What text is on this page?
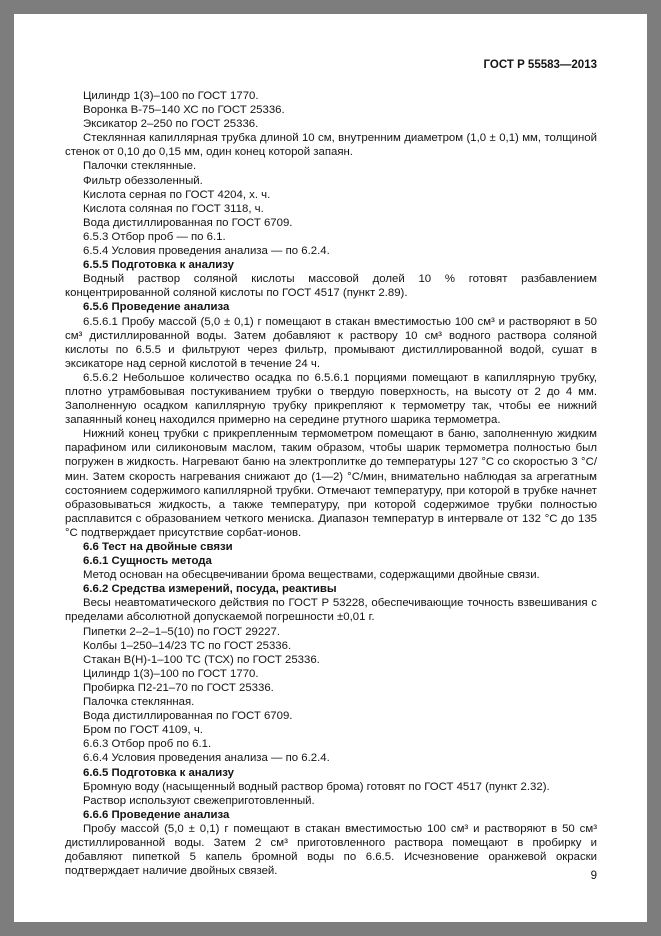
ГОСТ Р 55583—2013

Цилиндр 1(3)–100 по ГОСТ 1770.

Воронка В-75–140 ХС по ГОСТ 25336.

Эксикатор 2–250 по ГОСТ 25336.

Стеклянная капиллярная трубка длиной 10 см, внутренним диаметром (1,0 ± 0,1) мм, толщиной стенок от 0,10 до 0,15 мм, один конец которой запаян.

Палочки стеклянные.

Фильтр обеззоленный.

Кислота серная по ГОСТ 4204, х. ч.

Кислота соляная по ГОСТ 3118, ч.

Вода дистиллированная по ГОСТ 6709.

6.5.3 Отбор проб — по 6.1.

6.5.4 Условия проведения анализа — по 6.2.4.

6.5.5 Подготовка к анализу

Водный раствор соляной кислоты массовой долей 10 % готовят разбавлением концентрированной соляной кислоты по ГОСТ 4517 (пункт 2.89).

6.5.6 Проведение анализа

6.5.6.1 Пробу массой (5,0 ± 0,1) г помещают в стакан вместимостью 100 см³ и растворяют в 50 см³ дистиллированной воды. Затем добавляют к раствору 10 см³ водного раствора соляной кислоты по 6.5.5 и фильтруют через фильтр, промывают дистиллированной водой, сушат в эксикаторе над серной кислотой в течение 24 ч.

6.5.6.2 Небольшое количество осадка по 6.5.6.1 порциями помещают в капиллярную трубку, плотно утрамбовывая постукиванием трубки о твердую поверхность, на высоту от 2 до 4 мм. Заполненную осадком капиллярную трубку прикрепляют к термометру так, чтобы ее нижний запаянный конец находился примерно на середине ртутного шарика термометра.

Нижний конец трубки с прикрепленным термометром помещают в баню, заполненную жидким парафином или силиконовым маслом, таким образом, чтобы шарик термометра полностью был погружен в жидкость. Нагревают баню на электроплитке до температуры 127 °С со скоростью 3 °С/мин. Затем скорость нагревания снижают до (1—2) °С/мин, внимательно наблюдая за агрегатным состоянием содержимого капиллярной трубки. Отмечают температуру, при которой в трубке начнет образовываться жидкость, а также температуру, при которой содержимое трубки полностью расплавится с образованием четкого мениска. Диапазон температур в интервале от 132 °С до 135 °С подтверждает присутствие сорбат-ионов.

6.6 Тест на двойные связи

6.6.1 Сущность метода

Метод основан на обесцвечивании брома веществами, содержащими двойные связи.

6.6.2 Средства измерений, посуда, реактивы

Весы неавтоматического действия по ГОСТ Р 53228, обеспечивающие точность взвешивания с пределами абсолютной допускаемой погрешности ±0,01 г.

Пипетки 2–2–1–5(10) по ГОСТ 29227.

Колбы 1–250–14/23 ТС по ГОСТ 25336.

Стакан В(Н)-1–100 ТС (ТСХ) по ГОСТ 25336.

Цилиндр 1(3)–100 по ГОСТ 1770.

Пробирка П2-21–70 по ГОСТ 25336.

Палочка стеклянная.

Вода дистиллированная по ГОСТ 6709.

Бром по ГОСТ 4109, ч.

6.6.3 Отбор проб по 6.1.

6.6.4 Условия проведения анализа — по 6.2.4.

6.6.5 Подготовка к анализу

Бромную воду (насыщенный водный раствор брома) готовят по ГОСТ 4517 (пункт 2.32).

Раствор используют свежеприготовленный.

6.6.6 Проведение анализа

Пробу массой (5,0 ± 0,1) г помещают в стакан вместимостью 100 см³ и растворяют в 50 см³ дистиллированной воды. Затем 2 см³ приготовленного раствора помещают в пробирку и добавляют пипеткой 5 капель бромной воды по 6.6.5. Исчезновение оранжевой окраски подтверждает наличие двойных связей.	9
